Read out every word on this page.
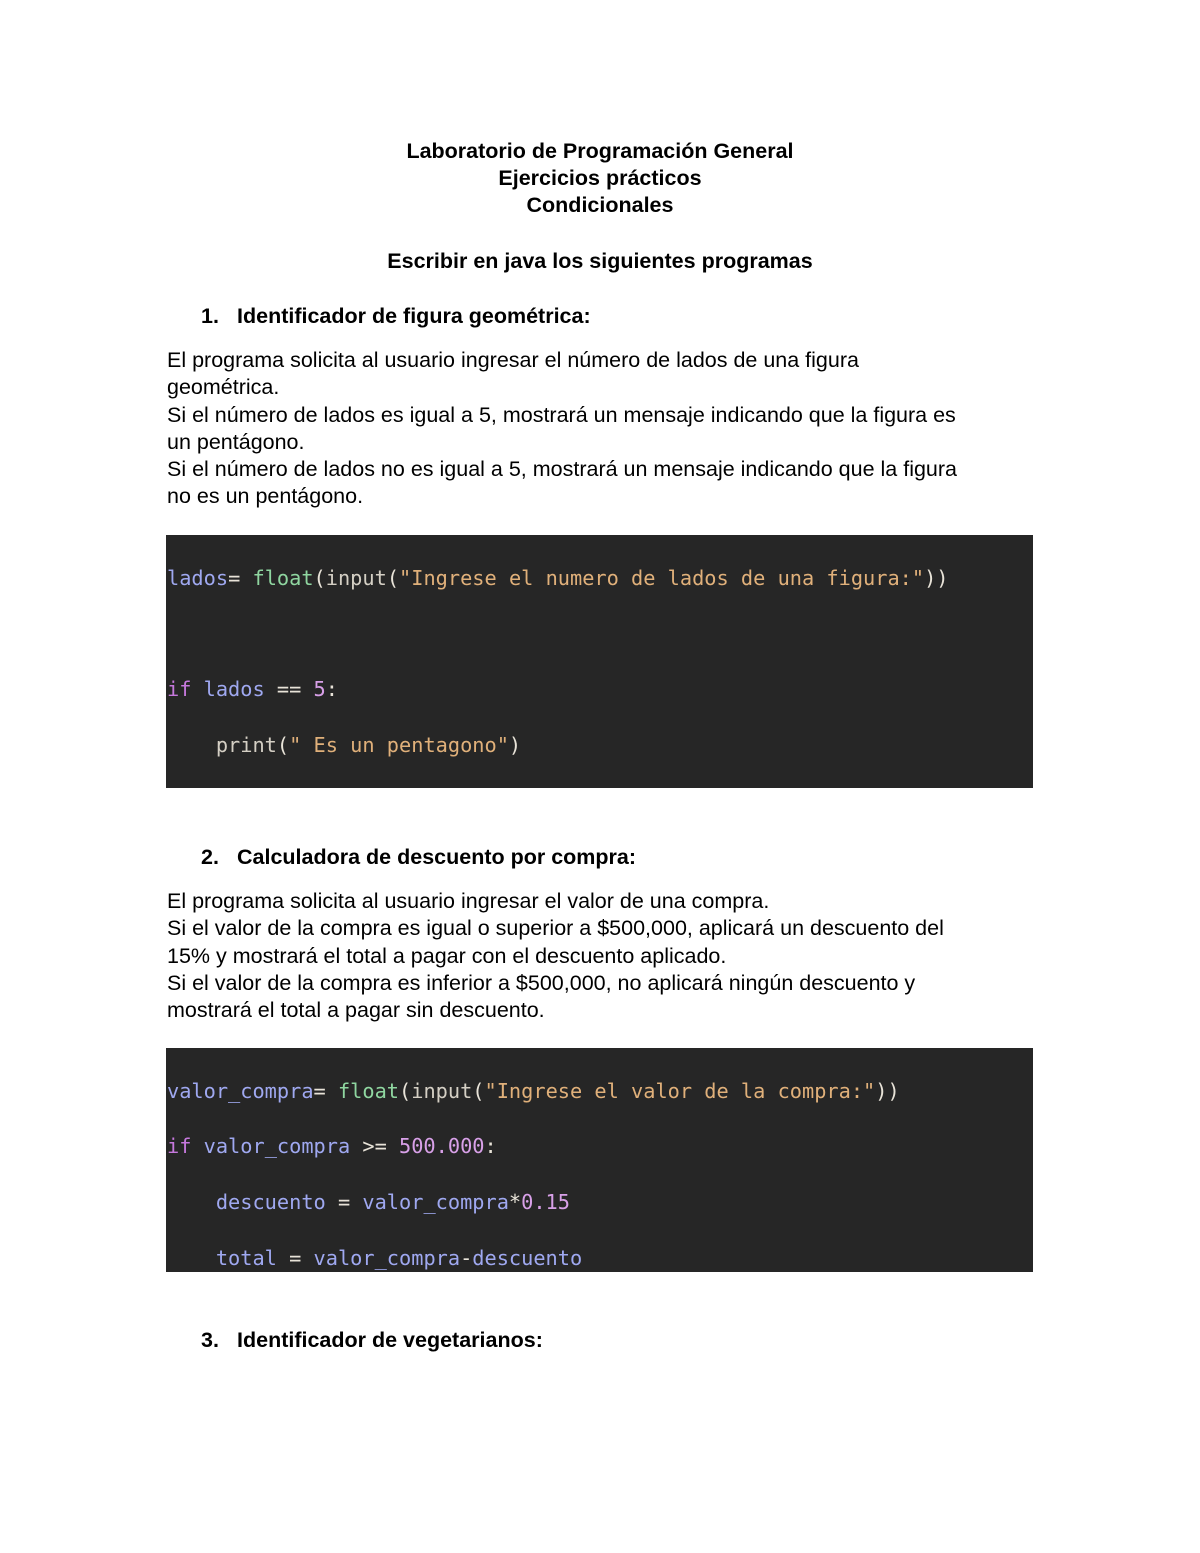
Laboratorio de Programación General
Ejercicios prácticos
Condicionales
Escribir en java los siguientes programas
1. Identificador de figura geométrica:
El programa solicita al usuario ingresar el número de lados de una figura
geométrica.
Si el número de lados es igual a 5, mostrará un mensaje indicando que la figura es
un pentágono.
Si el número de lados no es igual a 5, mostrará un mensaje indicando que la figura
no es un pentágono.

lados= float(input("Ingrese el numero de lados de una figura:"))

if lados == 5:

print(" Es un pentagono")

2. Calculadora de descuento por compra:
El programa solicita al usuario ingresar el valor de una compra.
Si el valor de la compra es igual o superior a $500,000, aplicará un descuento del
15% y mostrará el total a pagar con el descuento aplicado.
Si el valor de la compra es inferior a $500,000, no aplicará ningún descuento y
mostrará el total a pagar sin descuento.

valor_compra= float(input("Ingrese el valor de la compra:"))

if valor_compra >= 500.000:

descuento = valor_compra*0.15

total = valor_compra-descuento

3. Identificador de vegetarianos:
